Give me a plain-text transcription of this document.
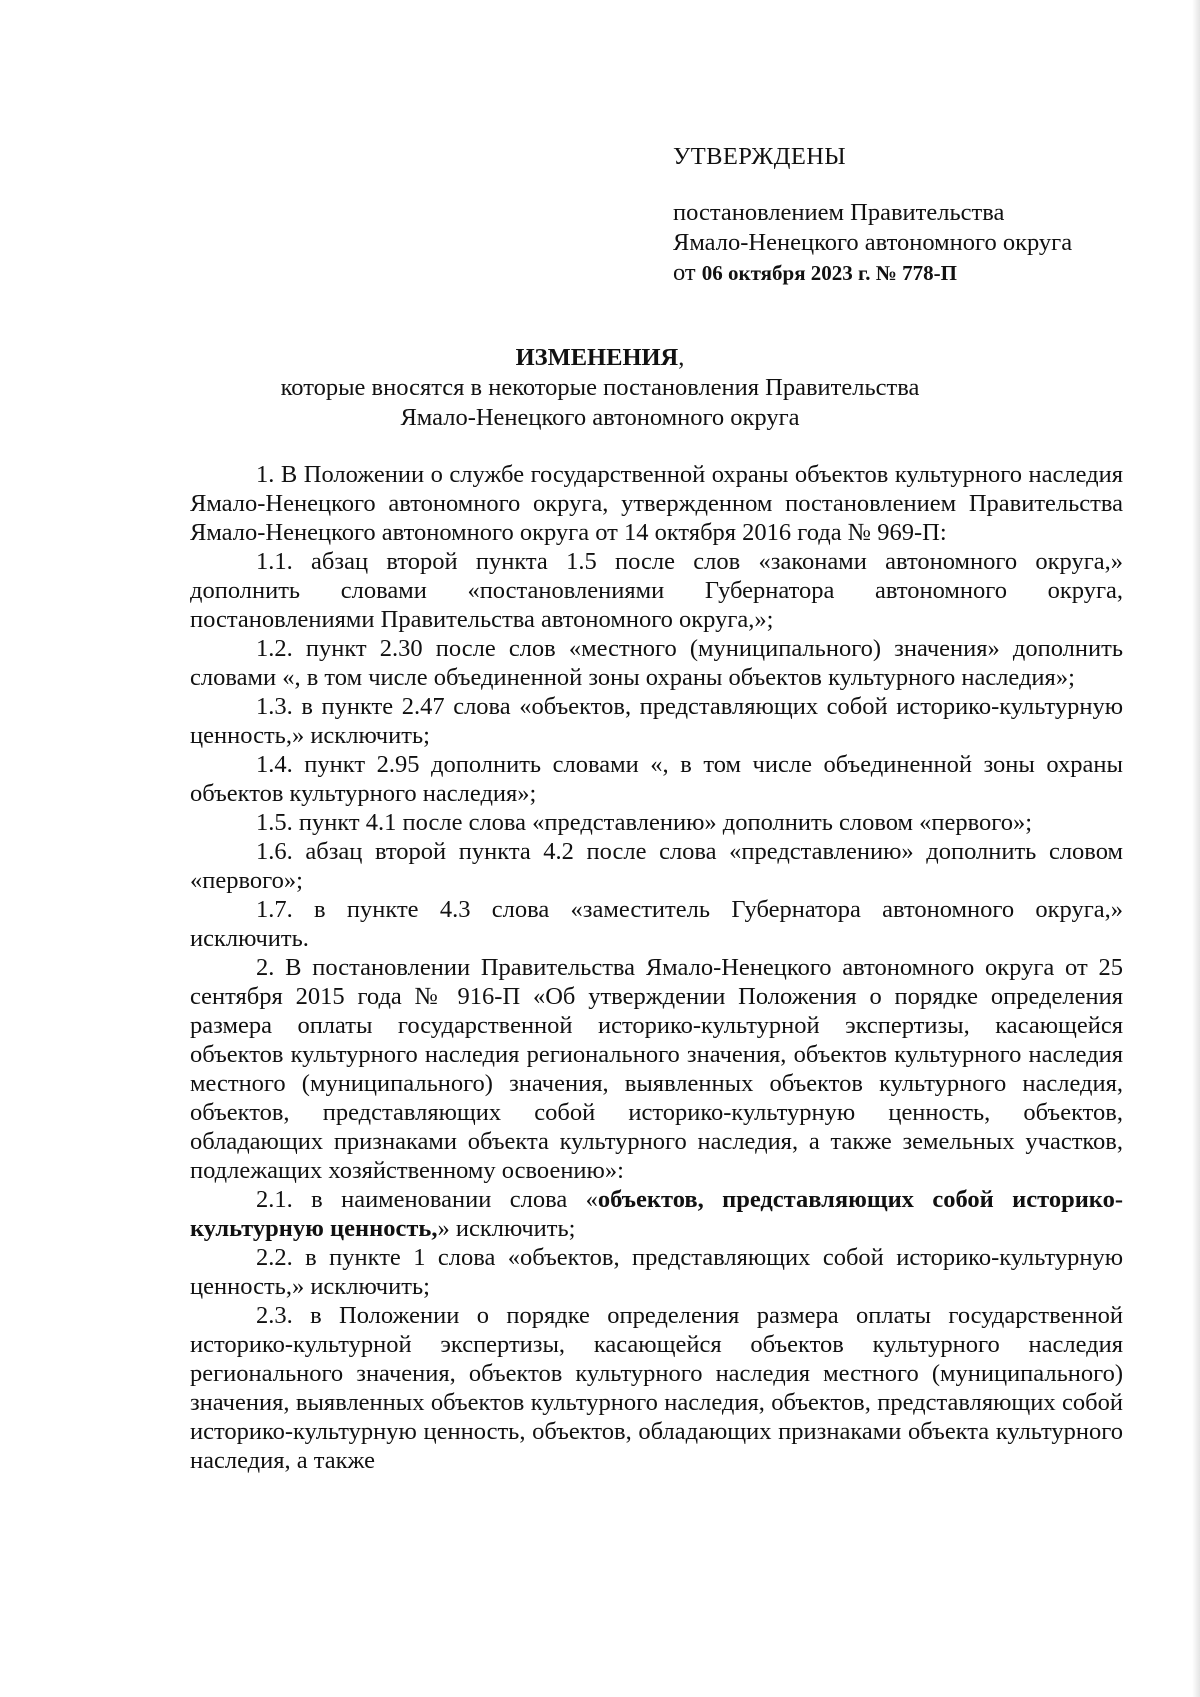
УТВЕРЖДЕНЫ
постановлением Правительства
Ямало-Ненецкого автономного округа
от 06 октября 2023 г. № 778-П
ИЗМЕНЕНИЯ,
которые вносятся в некоторые постановления Правительства
Ямало-Ненецкого автономного округа

1. В Положении о службе государственной охраны объектов культурного наследия Ямало-Ненецкого автономного округа, утвержденном постановлением Правительства Ямало-Ненецкого автономного округа от 14 октября 2016 года № 969-П:

1.1. абзац второй пункта 1.5 после слов «законами автономного округа,» дополнить словами «постановлениями Губернатора автономного округа, постановлениями Правительства автономного округа,»;

1.2. пункт 2.30 после слов «местного (муниципального) значения» дополнить словами «, в том числе объединенной зоны охраны объектов культурного наследия»;

1.3. в пункте 2.47 слова «объектов, представляющих собой историко-культурную ценность,» исключить;

1.4. пункт 2.95 дополнить словами «, в том числе объединенной зоны охраны объектов культурного наследия»;

1.5. пункт 4.1 после слова «представлению» дополнить словом «первого»;

1.6. абзац второй пункта 4.2 после слова «представлению» дополнить словом «первого»;

1.7. в пункте 4.3 слова «заместитель Губернатора автономного округа,» исключить.

2. В постановлении Правительства Ямало-Ненецкого автономного округа от 25 сентября 2015 года № 916-П «Об утверждении Положения о порядке определения размера оплаты государственной историко-культурной экспертизы, касающейся объектов культурного наследия регионального значения, объектов культурного наследия местного (муниципального) значения, выявленных объектов культурного наследия, объектов, представляющих собой историко-культурную ценность, объектов, обладающих признаками объекта культурного наследия, а также земельных участков, подлежащих хозяйственному освоению»:

2.1. в наименовании слова «объектов, представляющих собой историко-культурную ценность,» исключить;

2.2. в пункте 1 слова «объектов, представляющих собой историко-культурную ценность,» исключить;

2.3. в Положении о порядке определения размера оплаты государственной историко-культурной экспертизы, касающейся объектов культурного наследия регионального значения, объектов культурного наследия местного (муниципального) значения, выявленных объектов культурного наследия, объектов, представляющих собой историко-культурную ценность, объектов, обладающих признаками объекта культурного наследия, а также
